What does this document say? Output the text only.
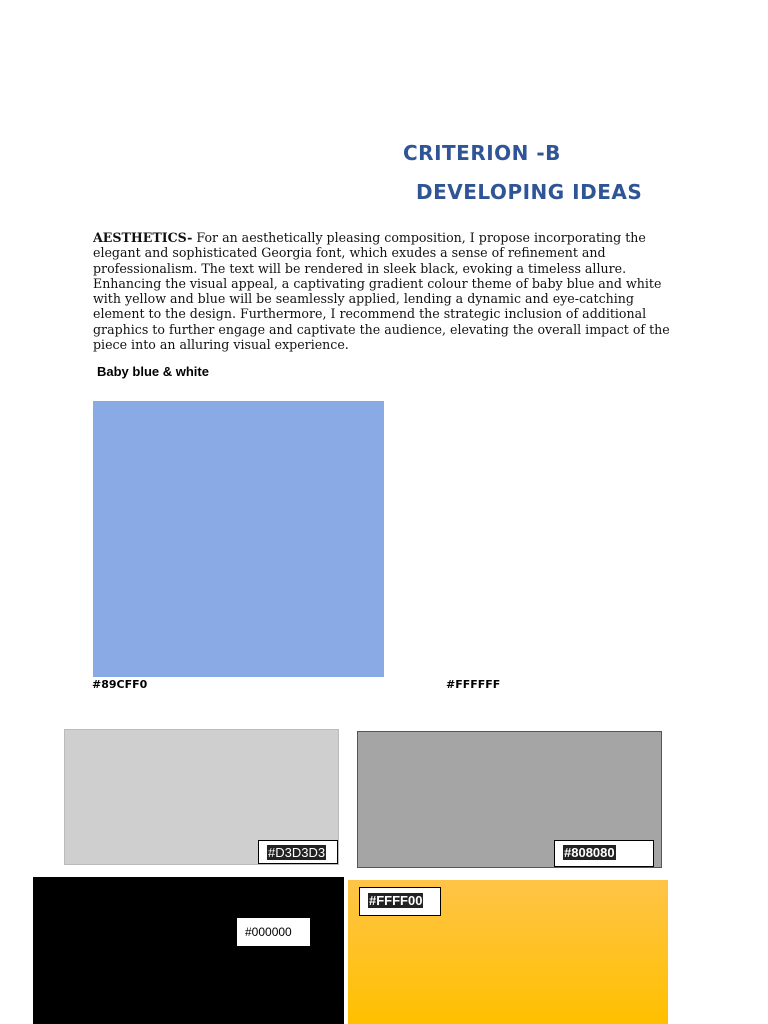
CRITERION -B
DEVELOPING IDEAS
AESTHETICS- For an aesthetically pleasing composition, I propose incorporating the elegant and sophisticated Georgia font, which exudes a sense of refinement and professionalism. The text will be rendered in sleek black, evoking a timeless allure. Enhancing the visual appeal, a captivating gradient colour theme of baby blue and white with yellow and blue will be seamlessly applied, lending a dynamic and eye-catching element to the design. Furthermore, I recommend the strategic inclusion of additional graphics to further engage and captivate the audience, elevating the overall impact of the piece into an alluring visual experience.
Baby blue & white
#89CFF0	#FFFFFF
#D3D3D3	#808080
#000000
#FFFF00
